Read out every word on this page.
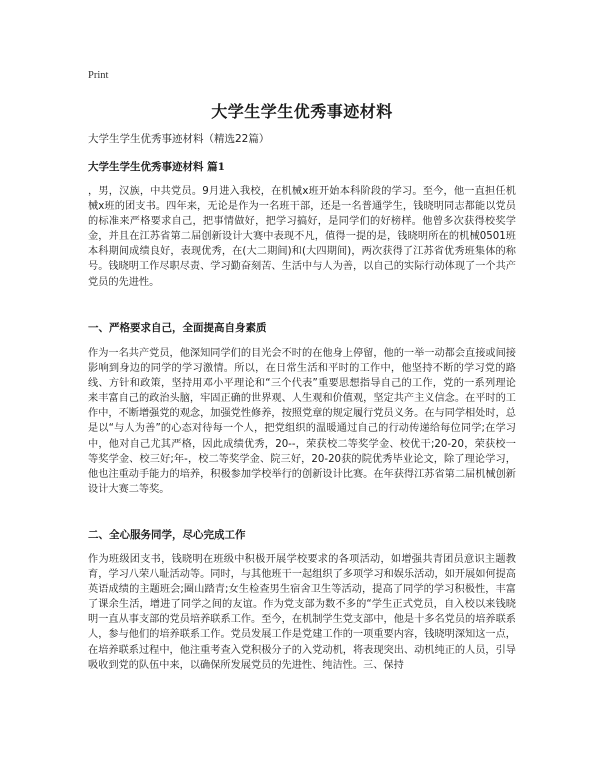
Print
大学生学生优秀事迹材料
大学生学生优秀事迹材料（精选22篇）
大学生学生优秀事迹材料 篇1
，男，汉族，中共党员。9月进入我校，在机械x班开始本科阶段的学习。至今，他一直担任机械x班的团支书。四年来，无论是作为一名班干部，还是一名普通学生，钱晓明同志都能以党员的标准来严格要求自己，把事情做好，把学习搞好，是同学们的好榜样。他曾多次获得校奖学金，并且在江苏省第二届创新设计大赛中表现不凡，值得一提的是，钱晓明所在的机械0501班本科期间成绩良好，表现优秀，在(大二期间)和(大四期间)，两次获得了江苏省优秀班集体的称号。钱晓明工作尽职尽责、学习勤奋刻苦、生活中与人为善，以自己的实际行动体现了一个共产党员的先进性。
一、严格要求自己，全面提高自身素质
作为一名共产党员，他深知同学们的目光会不时的在他身上停留，他的一举一动都会直接或间接影响到身边的同学的学习激情。所以，在日常生活和平时的工作中，他坚持不断的学习党的路线、方针和政策，坚持用邓小平理论和“三个代表”重要思想指导自己的工作，党的一系列理论来丰富自己的政治头脑，牢固正确的世界观、人生观和价值观，坚定共产主义信念。在平时的工作中，不断增强党的观念，加强党性修养，按照党章的规定履行党员义务。在与同学相处时，总是以“与人为善”的心态对待每一个人，把党组织的温暖通过自己的行动传递给每位同学;在学习中，他对自己尤其严格，因此成绩优秀，20--，荣获校二等奖学金、校优干;20-20，荣获校一等奖学金、校三好;年-，校二等奖学金、院三好，20-20获的院优秀毕业论文，除了理论学习，他也注重动手能力的培养，积极参加学校举行的创新设计比赛。在年获得江苏省第二届机械创新设计大赛二等奖。
二、全心服务同学，尽心完成工作
作为班级团支书，钱晓明在班级中积极开展学校要求的各项活动，如增强共青团员意识主题教育，学习八荣八耻活动等。同时，与其他班干一起组织了多项学习和娱乐活动，如开展如何提高英语成绩的主题班会;圈山踏青;女生检查男生宿舍卫生等活动，提高了同学的学习积极性，丰富了课余生活，增进了同学之间的友谊。作为党支部为数不多的“学生正式党员，自入校以来钱晓明一直从事支部的党员培养联系工作。至今，在机制学生党支部中，他是十多名党员的培养联系人，参与他们的培养联系工作。党员发展工作是党建工作的一项重要内容，钱晓明深知这一点，在培养联系过程中，他注重考查入党积极分子的入党动机，将表现突出、动机纯正的人员，引导吸收到党的队伍中来，以确保所发展党员的先进性、纯洁性。三、保持
